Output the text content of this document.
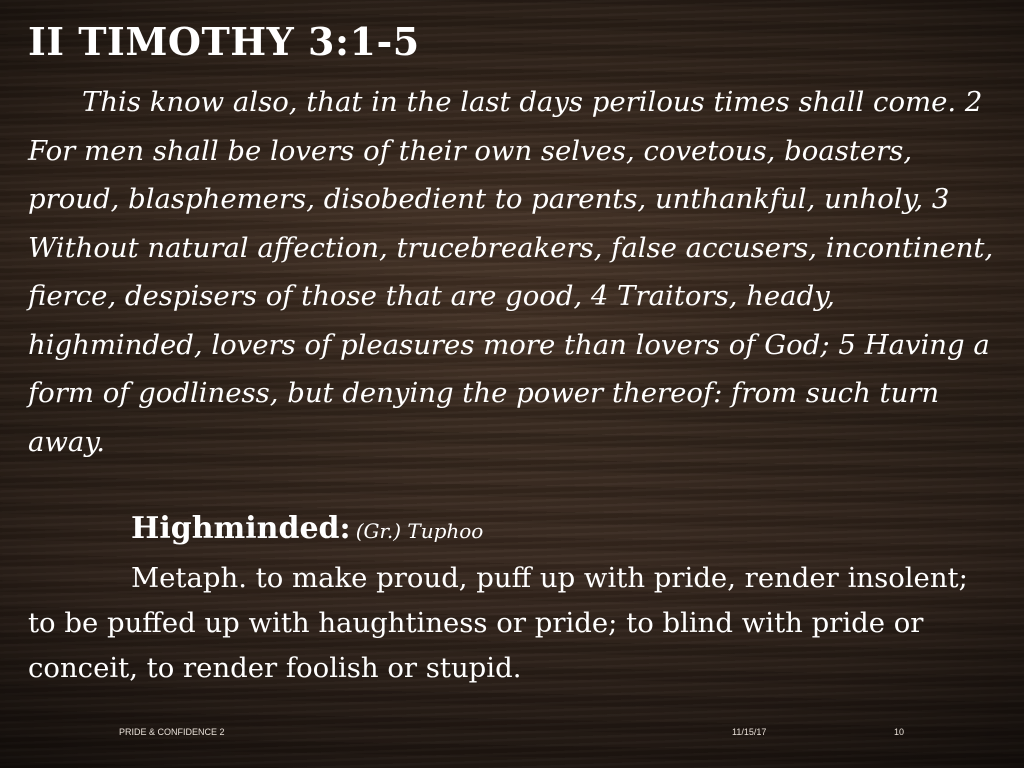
II TIMOTHY 3:1-5

This know also, that in the last days perilous times shall come. 2 For men shall be lovers of their own selves, covetous, boasters, proud, blasphemers, disobedient to parents, unthankful, unholy, 3 Without natural affection, trucebreakers, false accusers, incontinent, fierce, despisers of those that are good, 4 Traitors, heady, highminded, lovers of pleasures more than lovers of God; 5 Having a form of godliness, but denying the power thereof: from such turn away.

Highminded: (Gr.) Tuphoo

Metaph. to make proud, puff up with pride, render insolent; to be puffed up with haughtiness or pride; to blind with pride or conceit, to render foolish or stupid.

PRIDE & CONFIDENCE 2	11/15/17	10
